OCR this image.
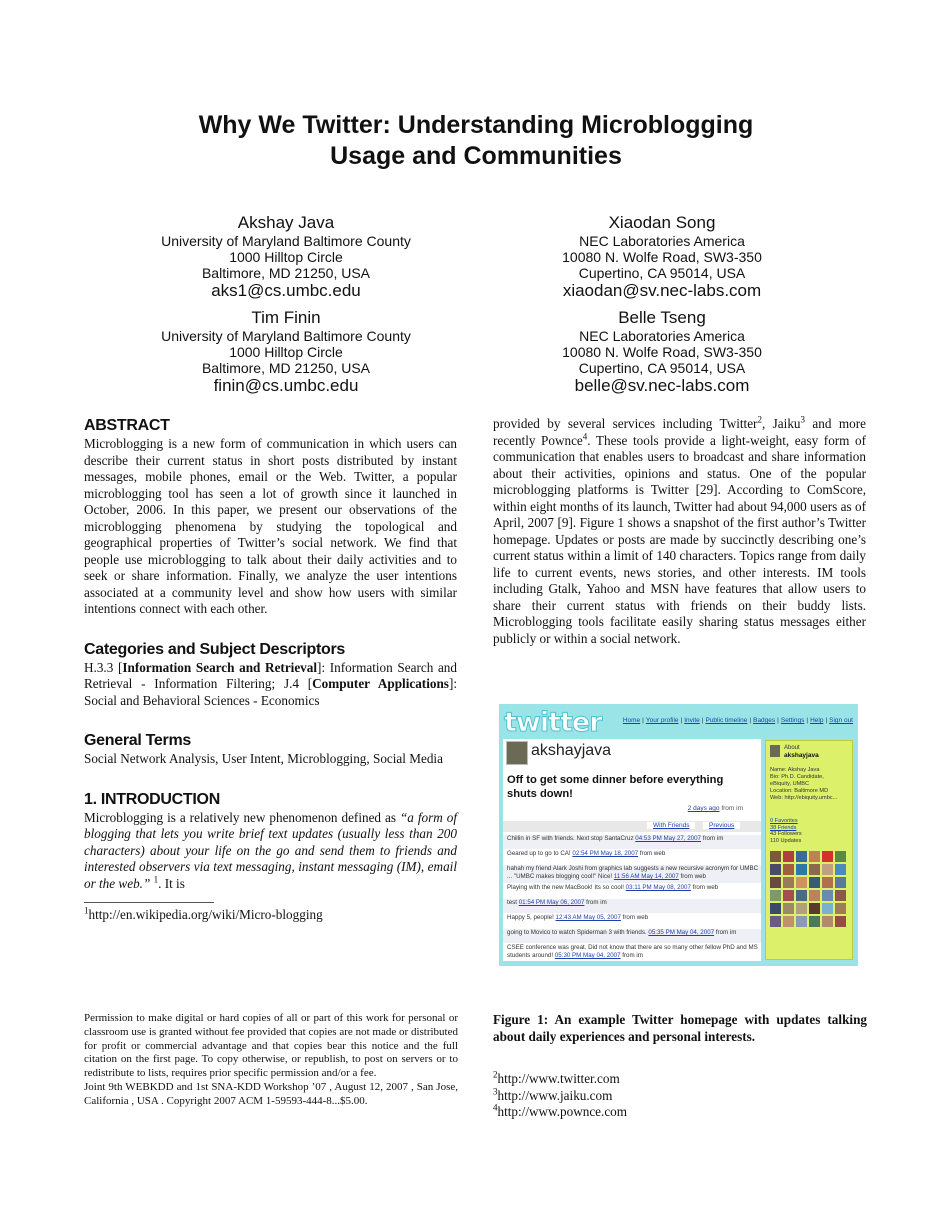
Why We Twitter: Understanding Microblogging
Usage and Communities
Akshay Java
University of Maryland Baltimore County
1000 Hilltop Circle
Baltimore, MD 21250, USA
aks1@cs.umbc.edu
Xiaodan Song
NEC Laboratories America
10080 N. Wolfe Road, SW3-350
Cupertino, CA 95014, USA
xiaodan@sv.nec-labs.com
Tim Finin
University of Maryland Baltimore County
1000 Hilltop Circle
Baltimore, MD 21250, USA
finin@cs.umbc.edu
Belle Tseng
NEC Laboratories America
10080 N. Wolfe Road, SW3-350
Cupertino, CA 95014, USA
belle@sv.nec-labs.com
ABSTRACT

Microblogging is a new form of communication in which users can describe their current status in short posts distributed by instant messages, mobile phones, email or the Web. Twitter, a popular microblogging tool has seen a lot of growth since it launched in October, 2006. In this paper, we present our observations of the microblogging phenomena by studying the topological and geographical properties of Twitter’s social network. We find that people use microblogging to talk about their daily activities and to seek or share information. Finally, we analyze the user intentions associated at a community level and show how users with similar intentions connect with each other.

Categories and Subject Descriptors

H.3.3 [Information Search and Retrieval]: Information Search and Retrieval - Information Filtering; J.4 [Computer Applications]: Social and Behavioral Sciences - Economics

General Terms

Social Network Analysis, User Intent, Microblogging, Social Media

1. INTRODUCTION

Microblogging is a relatively new phenomenon defined as “a form of blogging that lets you write brief text updates (usually less than 200 characters) about your life on the go and send them to friends and interested observers via text messaging, instant messaging (IM), email or the web.” $^1$. It is

$^1$http://en.wikipedia.org/wiki/Micro-blogging

provided by several services including Twitter$^2$, Jaiku$^3$ and more recently Pownce$^4$. These tools provide a light-weight, easy form of communication that enables users to broadcast and share information about their activities, opinions and status. One of the popular microblogging platforms is Twitter [29]. According to ComScore, within eight months of its launch, Twitter had about 94,000 users as of April, 2007 [9]. Figure 1 shows a snapshot of the first author’s Twitter homepage. Updates or posts are made by succinctly describing one’s current status within a limit of 140 characters. Topics range from daily life to current events, news stories, and other interests. IM tools including Gtalk, Yahoo and MSN have features that allow users to share their current status with friends on their buddy lists. Microblogging tools facilitate easily sharing status messages either publicly or within a social network.

twitter	Home | Your profile | Invite | Public timeline | Badges | Settings | Help | Sign out
akshayjava
Off to get some dinner before everything shuts down!
2 days ago from im
With Friends	Previous
Chillin in SF with friends. Next stop SantaCruz 04:53 PM May 27, 2007 from im
Geared up to go to CA! 02:54 PM May 18, 2007 from web
hahah my friend Alark Joshi from graphics lab suggests a new recursive acronym for UMBC ... "UMBC makes blogging cool!" Nice! 11:56 AM May 14, 2007 from web
Playing with the new MacBook! Its so cool! 03:11 PM May 08, 2007 from web
test 01:54 PM May 06, 2007 from im
Happy 5, people! 12:43 AM May 05, 2007 from web
going to Movico to watch Spiderman 3 with friends. 05:35 PM May 04, 2007 from im
CSEE conference was great. Did not know that there are so many other fellow PhD and MS students around! 05:30 PM May 04, 2007 from im
About
akshayjava
Name: Akshay Java
Bio: Ph.D. Candidate,
eBiquity, UMBC
Location: Baltimore MD
Web: http://ebiquity.umbc...
0 Favorites
38 Friends
43 Followers
110 Updates
Figure 1: An example Twitter homepage with updates talking about daily experiences and personal interests.
$^2$http://www.twitter.com
$^3$http://www.jaiku.com
$^4$http://www.pownce.com
Permission to make digital or hard copies of all or part of this work for personal or classroom use is granted without fee provided that copies are not made or distributed for profit or commercial advantage and that copies bear this notice and the full citation on the first page. To copy otherwise, or republish, to post on servers or to redistribute to lists, requires prior specific permission and/or a fee.
Joint 9th WEBKDD and 1st SNA-KDD Workshop ’07 , August 12, 2007 , San Jose, California , USA . Copyright 2007 ACM 1-59593-444-8...$5.00.
